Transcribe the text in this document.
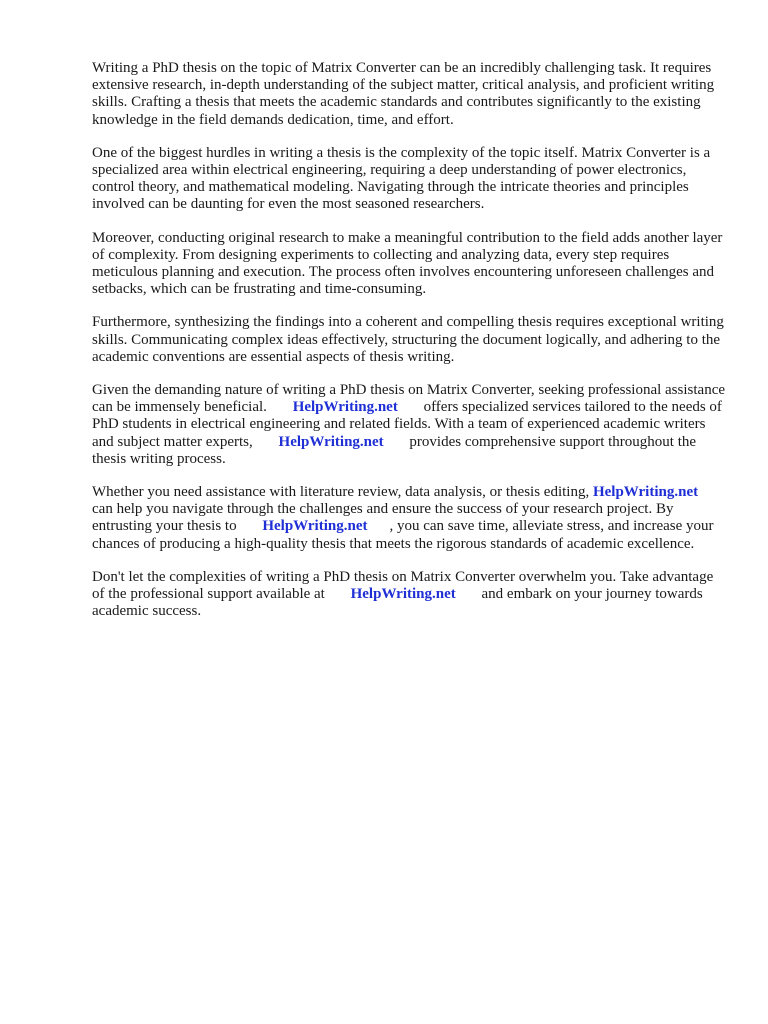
Writing a PhD thesis on the topic of Matrix Converter can be an incredibly challenging task. It requires extensive research, in-depth understanding of the subject matter, critical analysis, and proficient writing skills. Crafting a thesis that meets the academic standards and contributes significantly to the existing knowledge in the field demands dedication, time, and effort.

One of the biggest hurdles in writing a thesis is the complexity of the topic itself. Matrix Converter is a specialized area within electrical engineering, requiring a deep understanding of power electronics, control theory, and mathematical modeling. Navigating through the intricate theories and principles involved can be daunting for even the most seasoned researchers.

Moreover, conducting original research to make a meaningful contribution to the field adds another layer of complexity. From designing experiments to collecting and analyzing data, every step requires meticulous planning and execution. The process often involves encountering unforeseen challenges and setbacks, which can be frustrating and time-consuming.

Furthermore, synthesizing the findings into a coherent and compelling thesis requires exceptional writing skills. Communicating complex ideas effectively, structuring the document logically, and adhering to the academic conventions are essential aspects of thesis writing.

Given the demanding nature of writing a PhD thesis on Matrix Converter, seeking professional assistance can be immensely beneficial. HelpWriting.net offers specialized services tailored to the needs of PhD students in electrical engineering and related fields. With a team of experienced academic writers and subject matter experts, HelpWriting.net provides comprehensive support throughout the thesis writing process.

Whether you need assistance with literature review, data analysis, or thesis editing, HelpWriting.net can help you navigate through the challenges and ensure the success of your research project. By entrusting your thesis to HelpWriting.net , you can save time, alleviate stress, and increase your chances of producing a high-quality thesis that meets the rigorous standards of academic excellence.

Don't let the complexities of writing a PhD thesis on Matrix Converter overwhelm you. Take advantage of the professional support available at HelpWriting.net and embark on your journey towards academic success.
